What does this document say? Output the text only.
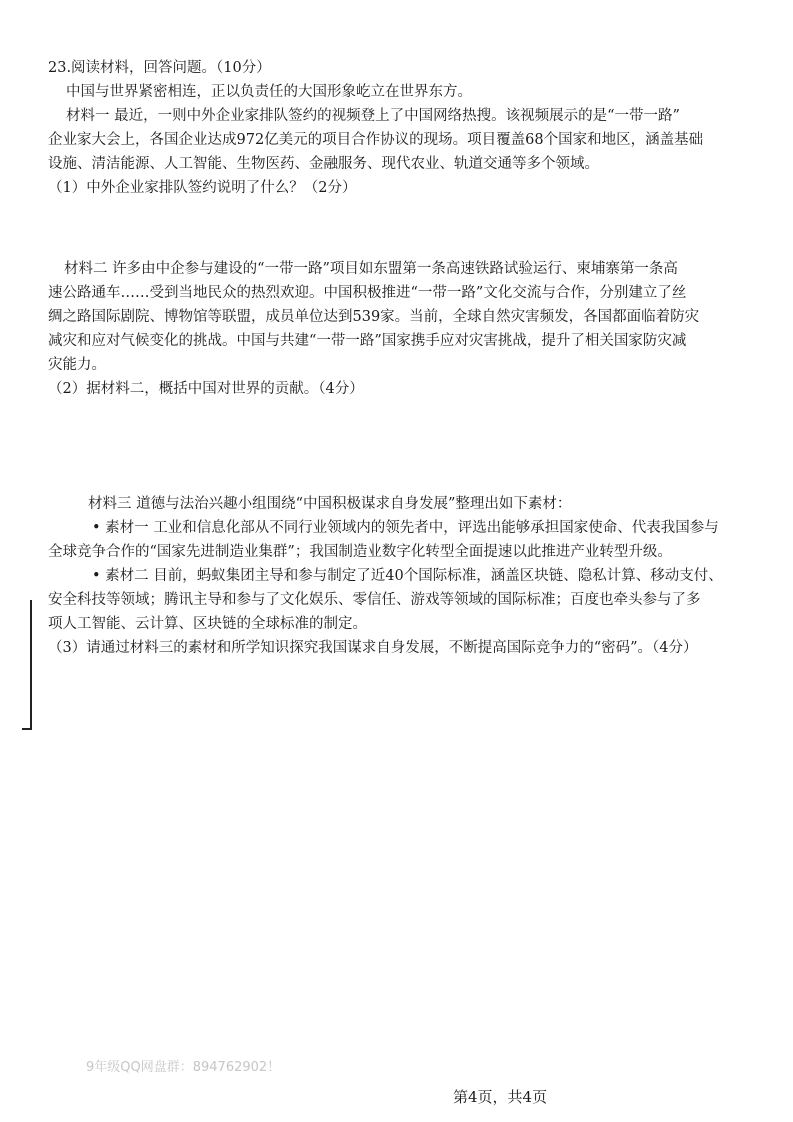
23.阅读材料，回答问题。（10分）
中国与世界紧密相连，正以负责任的大国形象屹立在世界东方。
材料一 最近，一则中外企业家排队签约的视频登上了中国网络热搜。该视频展示的是“一带一路”
企业家大会上，各国企业达成972亿美元的项目合作协议的现场。项目覆盖68个国家和地区，涵盖基础
设施、清洁能源、人工智能、生物医药、金融服务、现代农业、轨道交通等多个领域。
（1）中外企业家排队签约说明了什么？（2分）
材料二 许多由中企参与建设的“一带一路”项目如东盟第一条高速铁路试验运行、柬埔寨第一条高
速公路通车……受到当地民众的热烈欢迎。中国积极推进“一带一路”文化交流与合作，分别建立了丝
绸之路国际剧院、博物馆等联盟，成员单位达到539家。当前，全球自然灾害频发，各国都面临着防灾
减灾和应对气候变化的挑战。中国与共建“一带一路”国家携手应对灾害挑战，提升了相关国家防灾减
灾能力。
（2）据材料二，概括中国对世界的贡献。（4分）
材料三 道德与法治兴趣小组围绕“中国积极谋求自身发展”整理出如下素材：
• 素材一 工业和信息化部从不同行业领域内的领先者中，评选出能够承担国家使命、代表我国参与
全球竞争合作的“国家先进制造业集群”；我国制造业数字化转型全面提速以此推进产业转型升级。
• 素材二 目前，蚂蚁集团主导和参与制定了近40个国际标准，涵盖区块链、隐私计算、移动支付、
安全科技等领域；腾讯主导和参与了文化娱乐、零信任、游戏等领域的国际标准；百度也牵头参与了多
项人工智能、云计算、区块链的全球标准的制定。
（3）请通过材料三的素材和所学知识探究我国谋求自身发展，不断提高国际竞争力的“密码”。（4分）
9年级QQ网盘群：894762902！
第4页，共4页
